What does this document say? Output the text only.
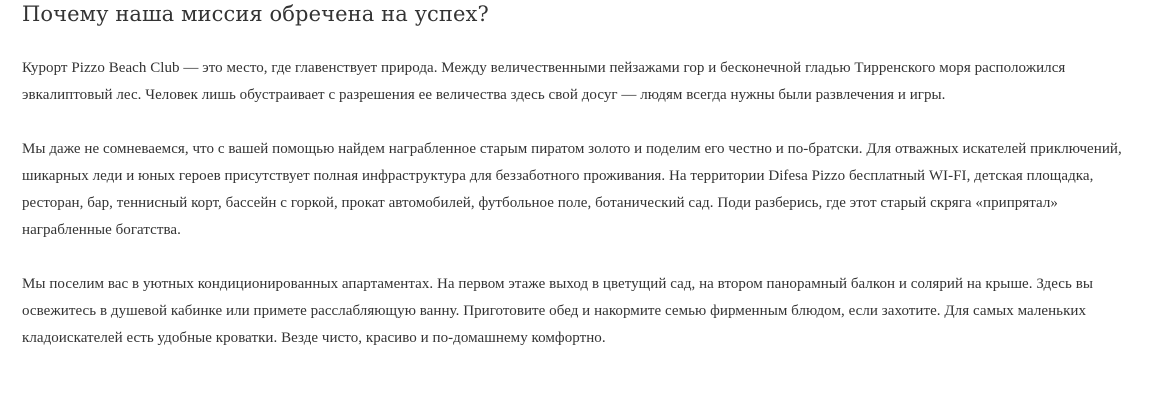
Почему наша миссия обречена на успех?

Курорт Pizzo Beach Club — это место, где главенствует природа. Между величественными пейзажами гор и бесконечной гладью Тирренского моря расположился эвкалиптовый лес. Человек лишь обустраивает с разрешения ее величества здесь свой досуг — людям всегда нужны были развлечения и игры.

Мы даже не сомневаемся, что с вашей помощью найдем награбленное старым пиратом золото и поделим его честно и по-братски. Для отважных искателей приключений, шикарных леди и юных героев присутствует полная инфраструктура для беззаботного проживания. На территории Difesa Pizzo бесплатный WI-FI, детская площадка, ресторан, бар, теннисный корт, бассейн с горкой, прокат автомобилей, футбольное поле, ботанический сад. Поди разберись, где этот старый скряга «припрятал» награбленные богатства.

Мы поселим вас в уютных кондиционированных апартаментах. На первом этаже выход в цветущий сад, на втором панорамный балкон и солярий на крыше. Здесь вы освежитесь в душевой кабинке или примете расслабляющую ванну. Приготовите обед и накормите семью фирменным блюдом, если захотите. Для самых маленьких кладоискателей есть удобные кроватки. Везде чисто, красиво и по-домашнему комфортно.
